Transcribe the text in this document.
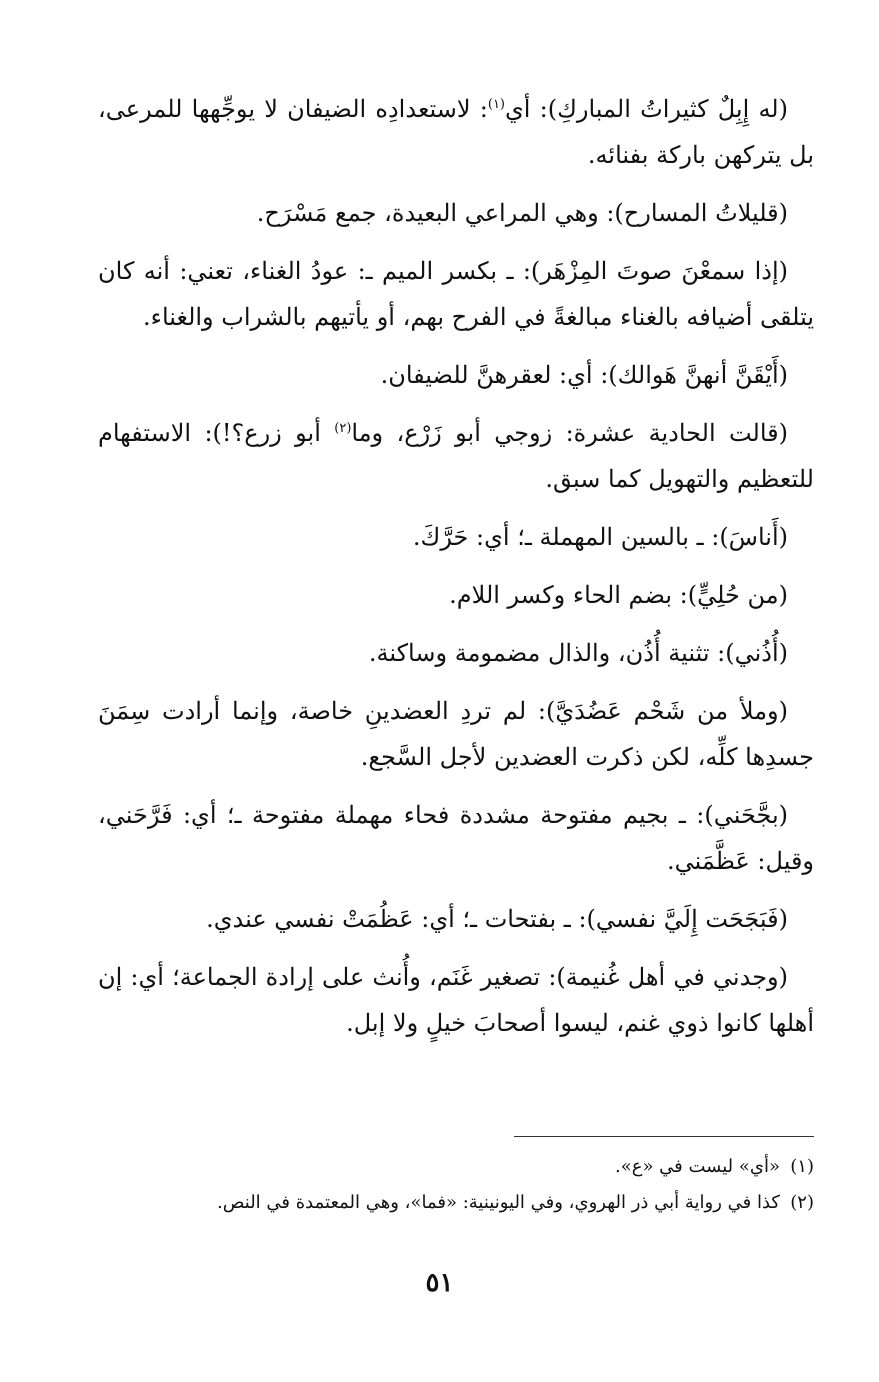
(له إِبِلٌ كثيراتُ المباركِ): أي$^{(١)}$: لاستعدادِه الضيفان لا يوجِّهها للمرعى، بل يتركهن باركة بفنائه.

(قليلاتُ المسارح): وهي المراعي البعيدة، جمع مَسْرَح.

(إذا سمعْنَ صوتَ المِزْهَر): ـ بكسر الميم ـ: عودُ الغناء، تعني: أنه كان يتلقى أضيافه بالغناء مبالغةً في الفرح بهم، أو يأتيهم بالشراب والغناء.

(أَيْقَنَّ أنهنَّ هَوالك): أي: لعقرهنَّ للضيفان.

(قالت الحادية عشرة: زوجي أبو زَرْع، وما$^{(٢)}$ أبو زرع؟!): الاستفهام للتعظيم والتهويل كما سبق.

(أَناسَ): ـ بالسين المهملة ـ؛ أي: حَرَّكَ.

(من حُلِيٍّ): بضم الحاء وكسر اللام.

(أُذُني): تثنية أُذُن، والذال مضمومة وساكنة.

(وملأ من شَحْم عَضُدَيَّ): لم تردِ العضدينِ خاصة، وإنما أرادت سِمَنَ جسدِها كلِّه، لكن ذكرت العضدين لأجل السَّجع.

(بجَّحَني): ـ بجيم مفتوحة مشددة فحاء مهملة مفتوحة ـ؛ أي: فَرَّحَني، وقيل: عَظَّمَني.

(فَبَجَحَت إِلَيَّ نفسي): ـ بفتحات ـ؛ أي: عَظُمَتْ نفسي عندي.

(وجدني في أهل غُنيمة): تصغير غَنَم، وأُنث على إرادة الجماعة؛ أي: إن أهلها كانوا ذوي غنم، ليسوا أصحابَ خيلٍ ولا إبل.

(١)«أي» ليست في «ع».

(٢)كذا في رواية أبي ذر الهروي، وفي اليونينية: «فما»، وهي المعتمدة في النص.

٥١
